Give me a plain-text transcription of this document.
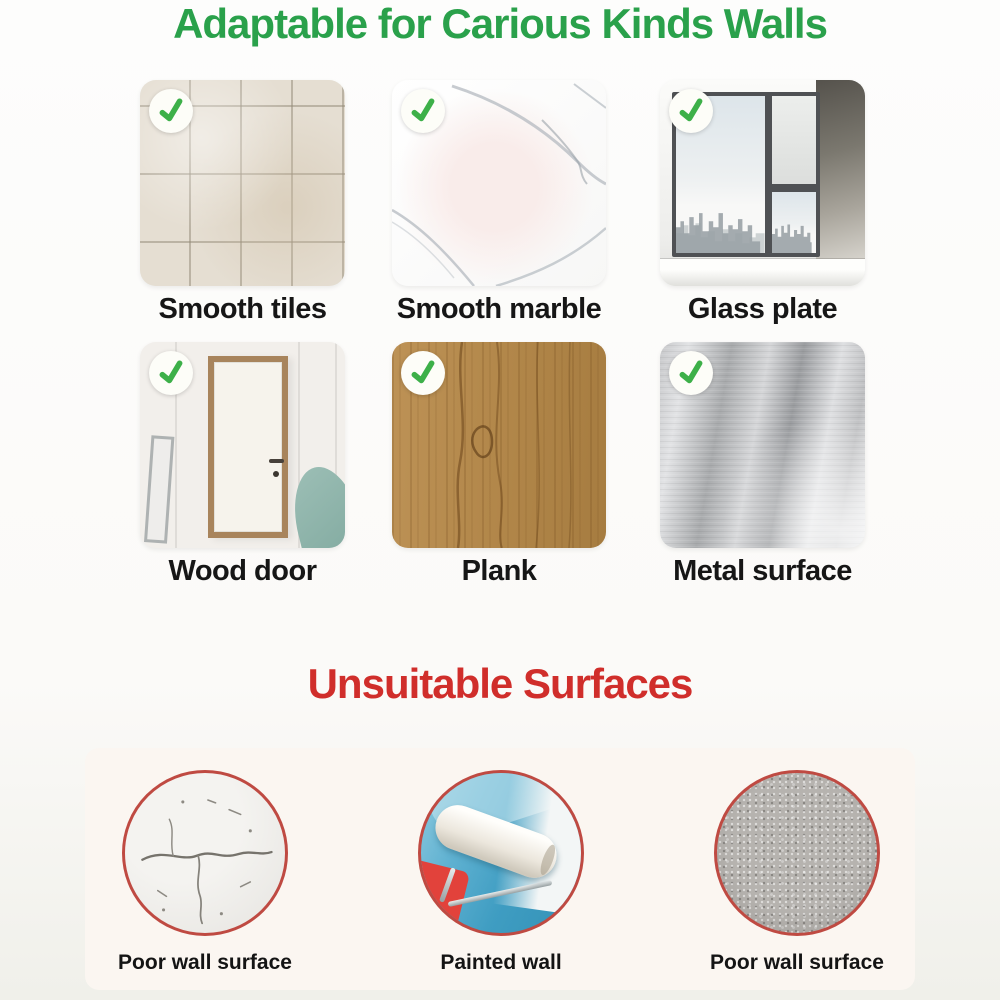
Adaptable for Carious Kinds Walls
Smooth tiles	Smooth marble	Glass plate
Wood door	Plank	Metal surface
Unsuitable Surfaces
Poor wall surface	Painted wall	Poor wall surface
